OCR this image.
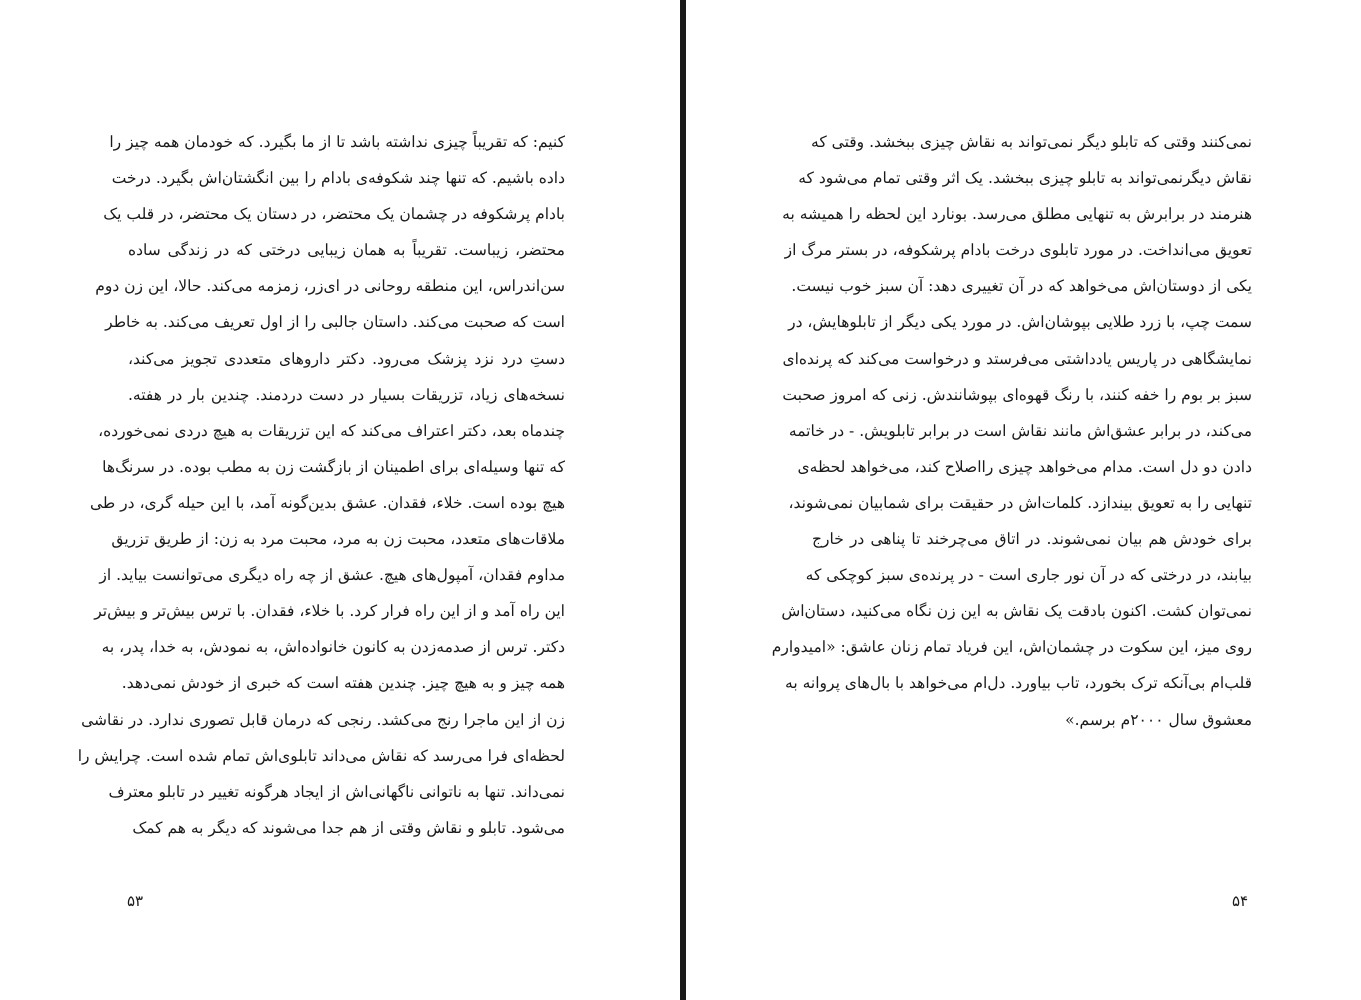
کنیم: که تقریباً چیزی نداشته باشد تا از ما بگیرد. که خودمان همه چیز را
داده باشیم. که تنها چند شکوفه‌ی بادام را بین انگشتان‌اش بگیرد. درخت
بادام پرشکوفه در چشمان یک محتضر، در دستان یک محتضر، در قلب یک
محتضر، زیباست. تقریباً به همان زیبایی درختی که در زندگی ساده
سن‌اندراس، این منطقه روحانی در ای‌زر، زمزمه می‌کند. حالا، این زن دوم
است که صحبت می‌کند. داستان جالبی را از اول تعریف می‌کند. به خاطر
دستِ درد نزد پزشک می‌رود. دکتر داروهای متعددی تجویز می‌کند،
نسخه‌های زیاد، تزریقات بسیار در دست دردمند. چندین بار در هفته.
چندماه بعد، دکتر اعتراف می‌کند که این تزریقات به هیچ دردی نمی‌خورده،
که تنها وسیله‌ای برای اطمینان از بازگشت زن به مطب بوده. در سرنگ‌ها
هیچ بوده است. خلاء، فقدان. عشق بدین‌گونه آمد، با این حیله گری، در طی
ملاقات‌های متعدد، محبت زن به مرد، محبت مرد به زن: از طریق تزریق
مداوم فقدان، آمپول‌های هیچ. عشق از چه راه دیگری می‌توانست بیاید. از
این راه آمد و از این راه فرار کرد. با خلاء، فقدان. با ترس بیش‌تر و بیش‌تر
دکتر. ترس از صدمه‌زدن به کانون خانواده‌اش، به نمودش، به خدا، پدر، به
همه چیز و به هیچ چیز. چندین هفته است که خبری از خودش نمی‌دهد.
زن از این ماجرا رنج می‌کشد. رنجی که درمان قابل تصوری ندارد. در نقاشی
لحظه‌ای فرا می‌رسد که نقاش می‌داند تابلوی‌اش تمام شده است. چرایش را
نمی‌داند. تنها به ناتوانی ناگهانی‌اش از ایجاد هرگونه تغییر در تابلو معترف
می‌شود. تابلو و نقاش وقتی از هم جدا می‌شوند که دیگر به هم کمک
۵۳
نمی‌کنند وقتی که تابلو دیگر نمی‌تواند به نقاش چیزی ببخشد. وقتی که
نقاش دیگرنمی‌تواند به تابلو چیزی ببخشد. یک اثر وقتی تمام می‌شود که
هنرمند در برابرش به تنهایی مطلق می‌رسد. بونارد این لحظه را همیشه به
تعویق می‌انداخت. در مورد تابلوی درخت بادام پرشکوفه، در بستر مرگ از
یکی از دوستان‌اش می‌خواهد که در آن تغییری دهد: آن سبز خوب نیست.
سمت چپ، با زرد طلایی بپوشان‌اش. در مورد یکی دیگر از تابلوهایش، در
نمایشگاهی در پاریس یادداشتی می‌فرستد و درخواست می‌کند که پرنده‌ای
سبز بر بوم را خفه کنند، با رنگ قهوه‌ای بپوشانندش. زنی که امروز صحبت
می‌کند، در برابر عشق‌اش مانند نقاش است در برابر تابلویش. - در خاتمه
دادن دو دل است. مدام می‌خواهد چیزی رااصلاح کند، می‌خواهد لحظه‌ی
تنهایی را به تعویق بیندازد. کلمات‌اش در حقیقت برای شمابیان نمی‌شوند،
برای خودش هم بیان نمی‌شوند. در اتاق می‌چرخند تا پناهی در خارج
بیابند، در درختی که در آن نور جاری است - در پرنده‌ی سبز کوچکی که
نمی‌توان کشت. اکنون بادقت یک نقاش به این زن نگاه می‌کنید، دستان‌اش
روی میز، این سکوت در چشمان‌اش، این فریاد تمام زنان عاشق: «امیدوارم
قلب‌ام بی‌آنکه ترک بخورد، تاب بیاورد. دل‌ام می‌خواهد با بال‌های پروانه به
معشوق سال ۲۰۰۰م برسم.»
۵۴
